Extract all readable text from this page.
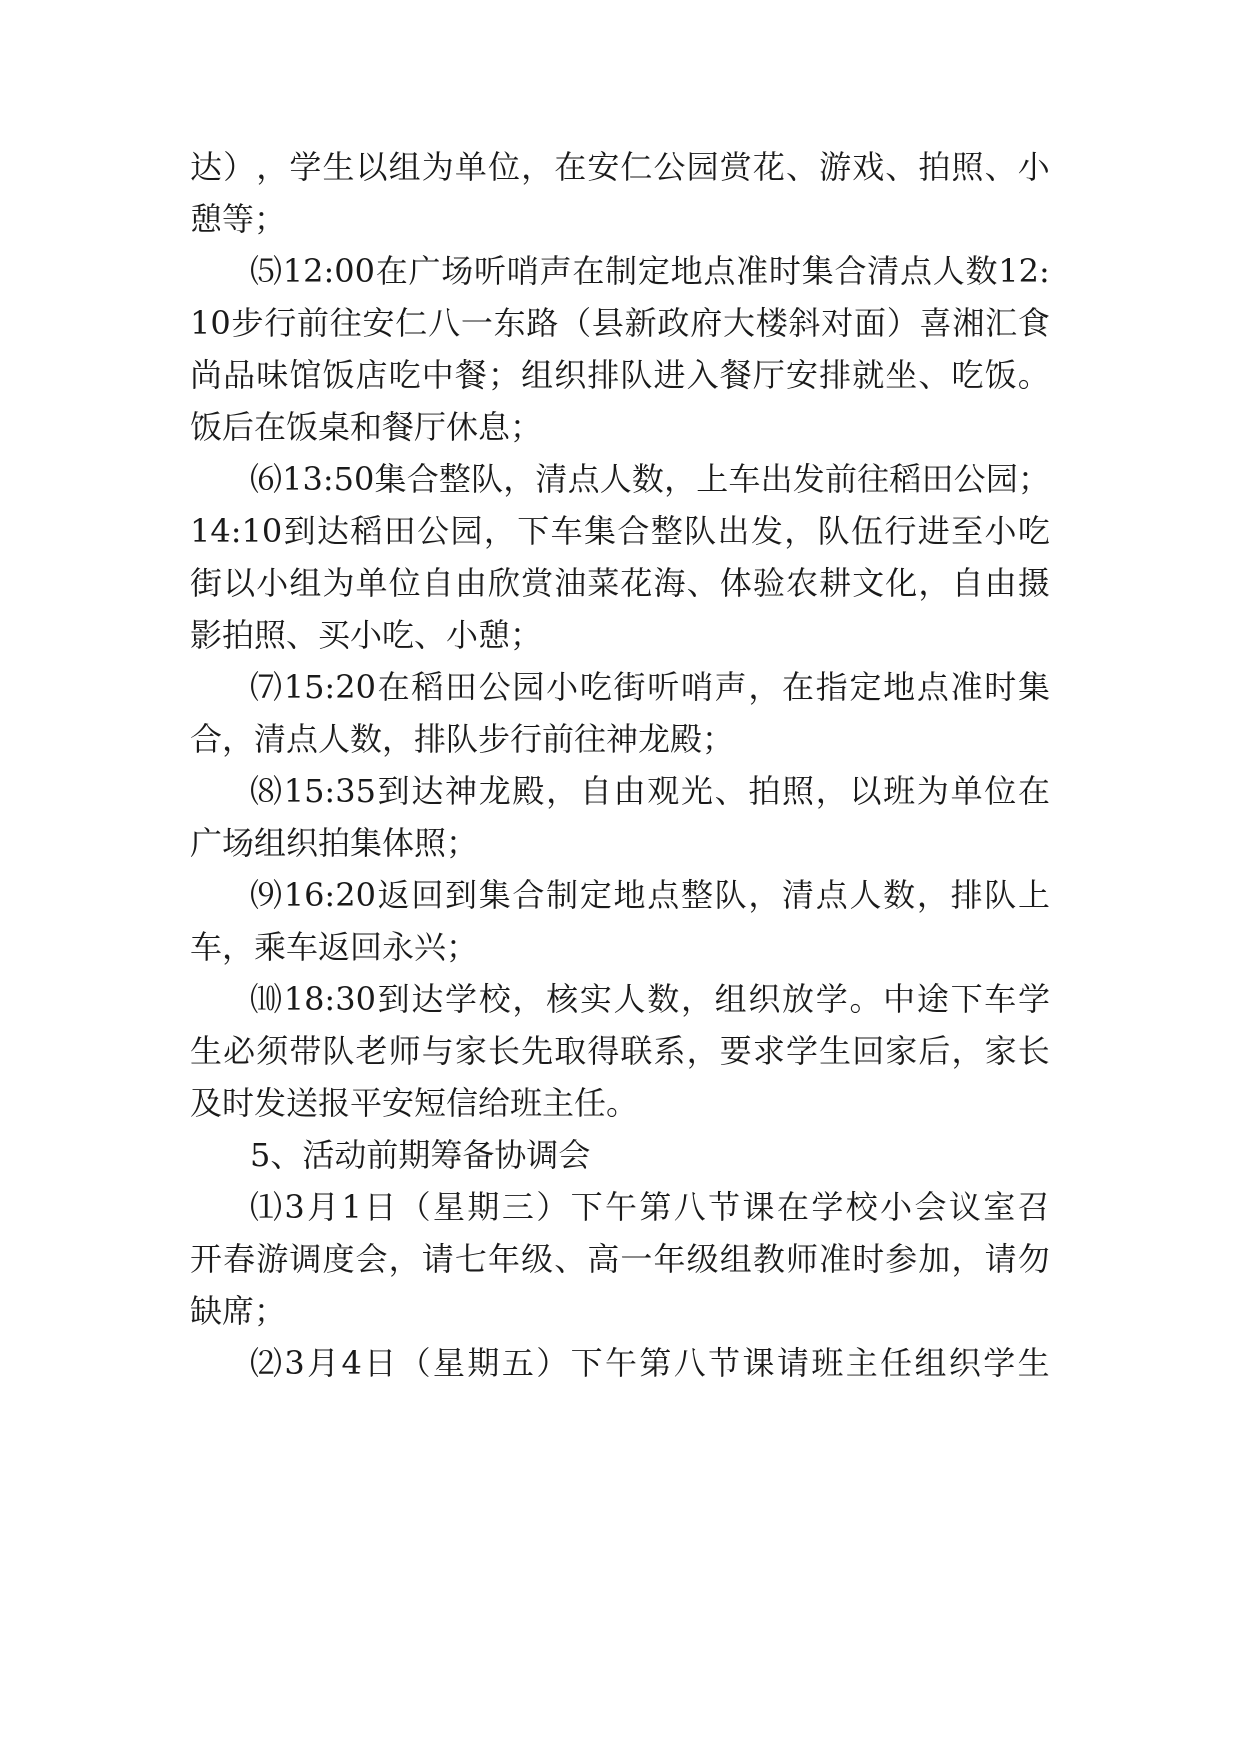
达 ） ， 学 生 以 组 为 单 位 ， 在 安 仁 公 园 赏 花 、 游 戏 、 拍 照 、 小
憩等；
⑸ 12:00 在 广 场 听 哨 声 在 制 定 地 点 准 时 集 合 清 点 人 数 12:
10 步 行 前 往 安 仁 八 一 东 路 （ 县 新 政 府 大 楼 斜 对 面 ） 喜 湘 汇 食
尚 品 味 馆 饭 店 吃 中 餐 ； 组 织 排 队 进 入 餐 厅 安 排 就 坐 、 吃 饭 。
饭后在饭桌和餐厅休息；
⑹ 13:50 集 合 整 队 ， 清 点 人 数 ， 上 车 出 发 前 往 稻 田 公 园 ；
14:10 到 达 稻 田 公 园 ， 下 车 集 合 整 队 出 发 ， 队 伍 行 进 至 小 吃
街 以 小 组 为 单 位 自 由 欣 赏 油 菜 花 海 、 体 验 农 耕 文 化 ， 自 由 摄
影拍照、买小吃、小憩；
⑺ 15:20 在 稻 田 公 园 小 吃 街 听 哨 声 ， 在 指 定 地 点 准 时 集
合，清点人数，排队步行前往神龙殿；
⑻ 15:35 到 达 神 龙 殿 ， 自 由 观 光 、 拍 照 ， 以 班 为 单 位 在
广场组织拍集体照；
⑼ 16:20 返 回 到 集 合 制 定 地 点 整 队 ， 清 点 人 数 ， 排 队 上
车，乘车返回永兴；
⑽ 18:30 到 达 学 校 ， 核 实 人 数 ， 组 织 放 学 。 中 途 下 车 学
生 必 须 带 队 老 师 与 家 长 先 取 得 联 系 ， 要 求 学 生 回 家 后 ， 家 长
及时发送报平安短信给班主任。
5、活动前期筹备协调会
⑴ 3 月 1 日 （ 星 期 三 ） 下 午 第 八 节 课 在 学 校 小 会 议 室 召
开 春 游 调 度 会 ， 请 七 年 级 、 高 一 年 级 组 教 师 准 时 参 加 ， 请 勿
缺席；
⑵ 3 月 4 日 （ 星 期 五 ） 下 午 第 八 节 课 请 班 主 任 组 织 学 生
